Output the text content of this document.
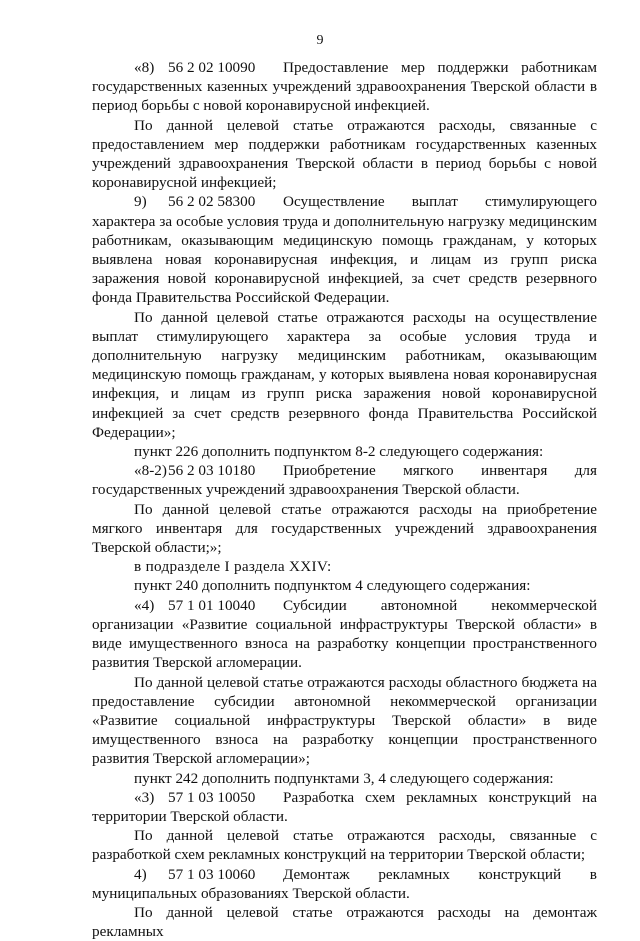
9
«8) 56 2 02 10090	Предоставление мер поддержки работникам

государственных казенных учреждений здравоохранения Тверской области в период борьбы с новой коронавирусной инфекцией.

По данной целевой статье отражаются расходы, связанные с предоставлением мер поддержки работникам государственных казенных учреждений здравоохранения Тверской области в период борьбы с новой коронавирусной инфекцией;

9)	56 2 02 58300	Осуществление выплат стимулирующего

характера за особые условия труда и дополнительную нагрузку медицинским работникам, оказывающим медицинскую помощь гражданам, у которых выявлена новая коронавирусная инфекция, и лицам из групп риска заражения новой коронавирусной инфекцией, за счет средств резервного фонда Правительства Российской Федерации.

По данной целевой статье отражаются расходы на осуществление выплат стимулирующего характера за особые условия труда и дополнительную нагрузку медицинским работникам, оказывающим медицинскую помощь гражданам, у которых выявлена новая коронавирусная инфекция, и лицам из групп риска заражения новой коронавирусной инфекцией за счет средств резервного фонда Правительства Российской Федерации»;

пункт 226 дополнить подпунктом 8-2 следующего содержания:

«8-2) 56 2 03 10180	Приобретение мягкого инвентаря для

государственных учреждений здравоохранения Тверской области.

По данной целевой статье отражаются расходы на приобретение мягкого инвентаря для государственных учреждений здравоохранения Тверской области;»;

в подразделе I раздела XXIV:

пункт 240 дополнить подпунктом 4 следующего содержания:

«4) 57 1 01 10040	Субсидии автономной некоммерческой

организации «Развитие социальной инфраструктуры Тверской области» в виде имущественного взноса на разработку концепции пространственного развития Тверской агломерации.

По данной целевой статье отражаются расходы областного бюджета на предоставление субсидии автономной некоммерческой организации «Развитие социальной инфраструктуры Тверской области» в виде имущественного взноса на разработку концепции пространственного развития Тверской агломерации»;

пункт 242 дополнить подпунктами 3, 4 следующего содержания:

«3) 57 1 03 10050	Разработка схем рекламных конструкций на

территории Тверской области.

По данной целевой статье отражаются расходы, связанные с разработкой схем рекламных конструкций на территории Тверской области;

4)	57 1 03 10060	Демонтаж рекламных конструкций в

муниципальных образованиях Тверской области.

По данной целевой статье отражаются расходы на демонтаж рекламных
